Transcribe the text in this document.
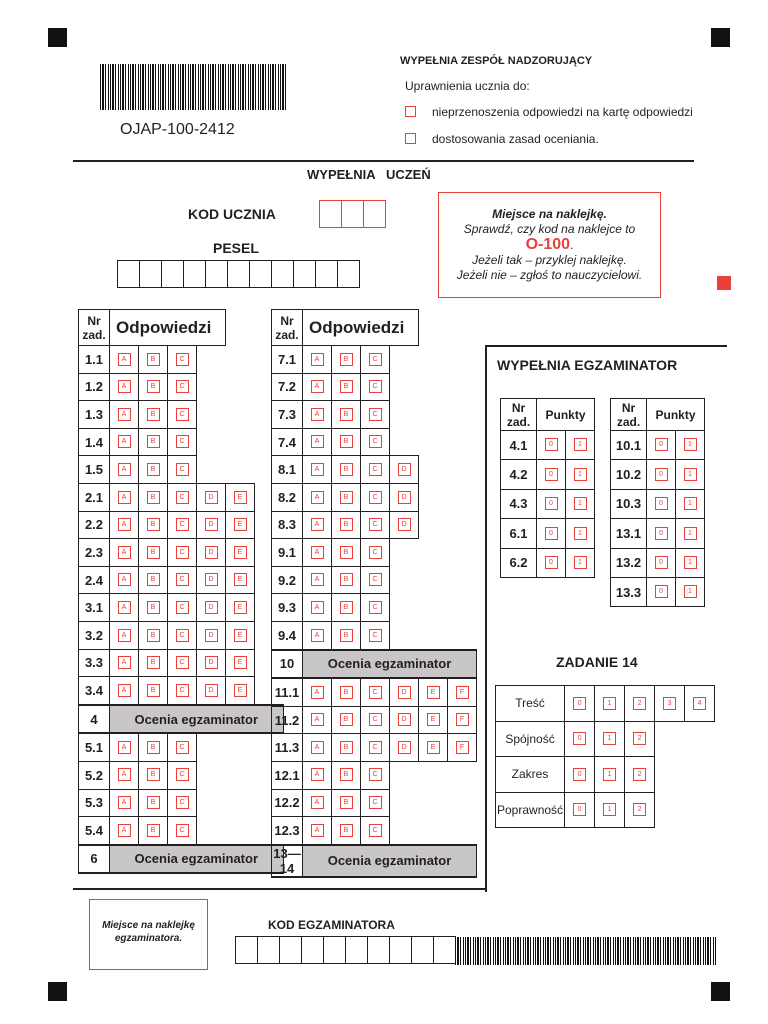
OJAP-100-2412
WYPEŁNIA ZESPÓŁ NADZORUJĄCY
Uprawnienia ucznia do:
nieprzenoszenia odpowiedzi na kartę odpowiedzi
dostosowania zasad oceniania.
WYPEŁNIA   UCZEŃ
KOD UCZNIA
PESEL
Miejsce na naklejkę.
Sprawdź, czy kod na naklejce to
O-100.
Jeżeli tak – przyklej naklejkę.
Jeżeli nie – zgłoś to nauczycielowi.
Nr
zad.	Odpowiedzi					
1.1	A	B	C			
1.2	A	B	C			
1.3	A	B	C			
1.4	A	B	C			
1.5	A	B	C			
2.1	A	B	C	D	E	
2.2	A	B	C	D	E	
2.3	A	B	C	D	E	
2.4	A	B	C	D	E	
3.1	A	B	C	D	E	
3.2	A	B	C	D	E	
3.3	A	B	C	D	E	
3.4	A	B	C	D	E	
4	Ocenia egzaminator					
5.1	A	B	C			
5.2	A	B	C			
5.3	A	B	C			
5.4	A	B	C			
6	Ocenia egzaminator					
Nr
zad.	Odpowiedzi					
7.1	A	B	C			
7.2	A	B	C			
7.3	A	B	C			
7.4	A	B	C			
8.1	A	B	C	D		
8.2	A	B	C	D		
8.3	A	B	C	D		
9.1	A	B	C			
9.2	A	B	C			
9.3	A	B	C			
9.4	A	B	C			
10	Ocenia egzaminator					
11.1	A	B	C	D	E	F
11.2	A	B	C	D	E	F
11.3	A	B	C	D	E	F
12.1	A	B	C			
12.2	A	B	C			
12.3	A	B	C			
13—14	Ocenia egzaminator					
WYPEŁNIA EGZAMINATOR
Nr
zad.	Punkty	
4.1	0	1
4.2	0	1
4.3	0	1
6.1	0	1
6.2	0	1
Nr
zad.	Punkty	
10.1	0	1
10.2	0	1
10.3	0	1
13.1	0	1
13.2	0	1
13.3	0	1
ZADANIE 14
Treść	0	1	2	3	4
Spójność	0	1	2		
Zakres	0	1	2		
Poprawność	0	1	2		
Miejsce na naklejkę egzaminatora.
KOD EGZAMINATORA
